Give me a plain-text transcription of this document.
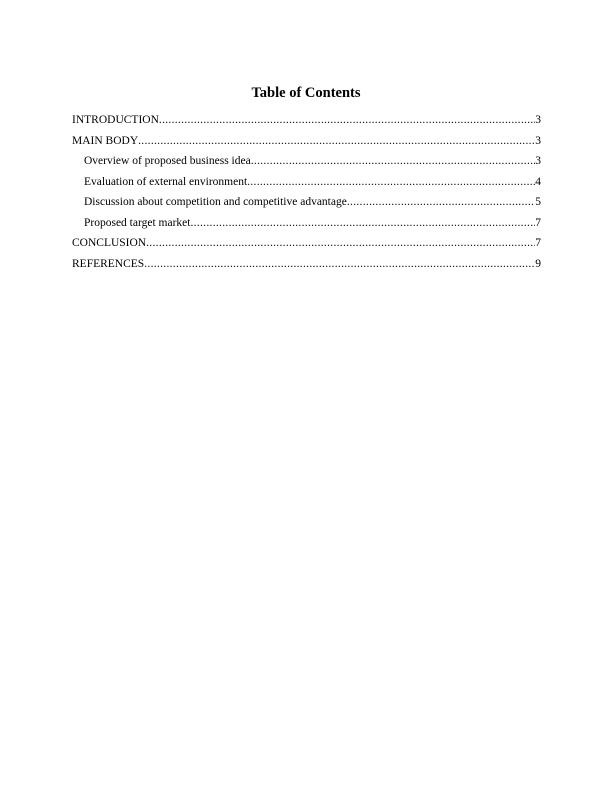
Table of Contents
INTRODUCTION .....	3
MAIN BODY .....	3
Overview of proposed business idea .....	3
Evaluation of external environment .....	4
Discussion about competition and competitive advantage .....	5
Proposed target market .....	7
CONCLUSION .....	7
REFERENCES .....	9
